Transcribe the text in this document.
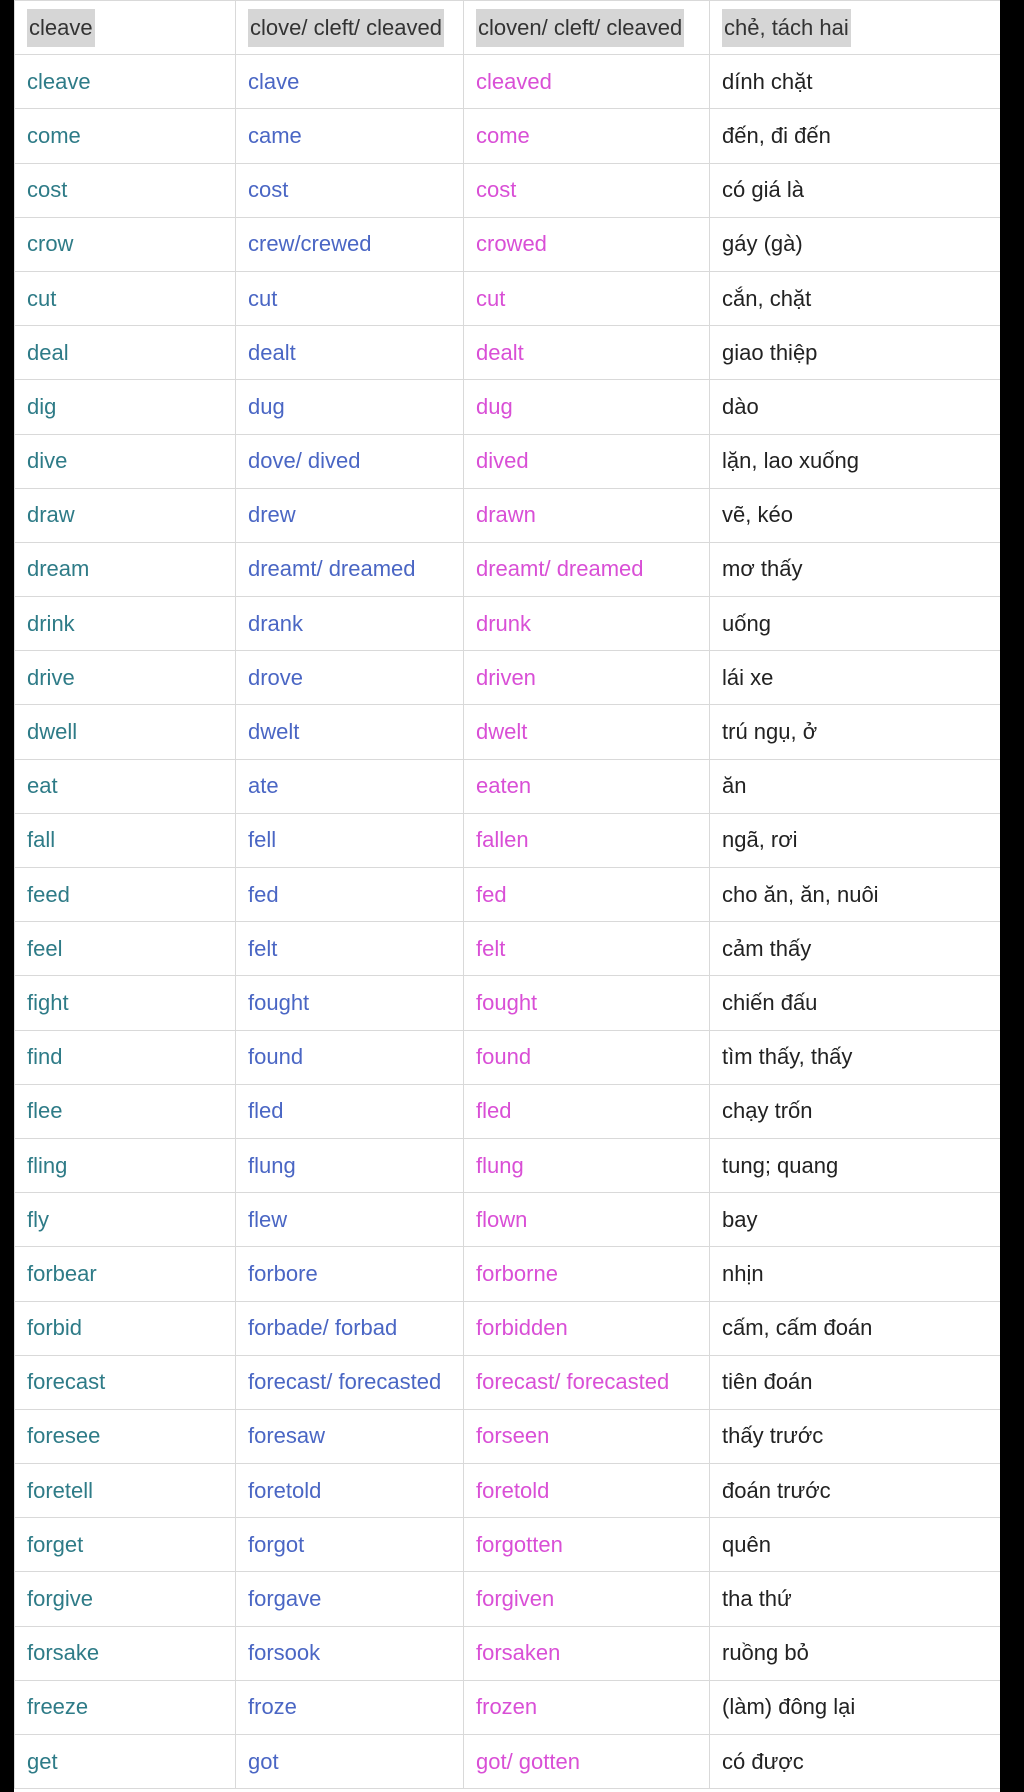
cleave	clove/ cleft/ cleaved	cloven/ cleft/ cleaved	chẻ, tách hai
cleave	clave	cleaved	dính chặt
come	came	come	đến, đi đến
cost	cost	cost	có giá là
crow	crew/crewed	crowed	gáy (gà)
cut	cut	cut	cắn, chặt
deal	dealt	dealt	giao thiệp
dig	dug	dug	dào
dive	dove/ dived	dived	lặn, lao xuống
draw	drew	drawn	vẽ, kéo
dream	dreamt/ dreamed	dreamt/ dreamed	mơ thấy
drink	drank	drunk	uống
drive	drove	driven	lái xe
dwell	dwelt	dwelt	trú ngụ, ở
eat	ate	eaten	ăn
fall	fell	fallen	ngã, rơi
feed	fed	fed	cho ăn, ăn, nuôi
feel	felt	felt	cảm thấy
fight	fought	fought	chiến đấu
find	found	found	tìm thấy, thấy
flee	fled	fled	chạy trốn
fling	flung	flung	tung; quang
fly	flew	flown	bay
forbear	forbore	forborne	nhịn
forbid	forbade/ forbad	forbidden	cấm, cấm đoán
forecast	forecast/ forecasted	forecast/ forecasted	tiên đoán
foresee	foresaw	forseen	thấy trước
foretell	foretold	foretold	đoán trước
forget	forgot	forgotten	quên
forgive	forgave	forgiven	tha thứ
forsake	forsook	forsaken	ruồng bỏ
freeze	froze	frozen	(làm) đông lại
get	got	got/ gotten	có được
